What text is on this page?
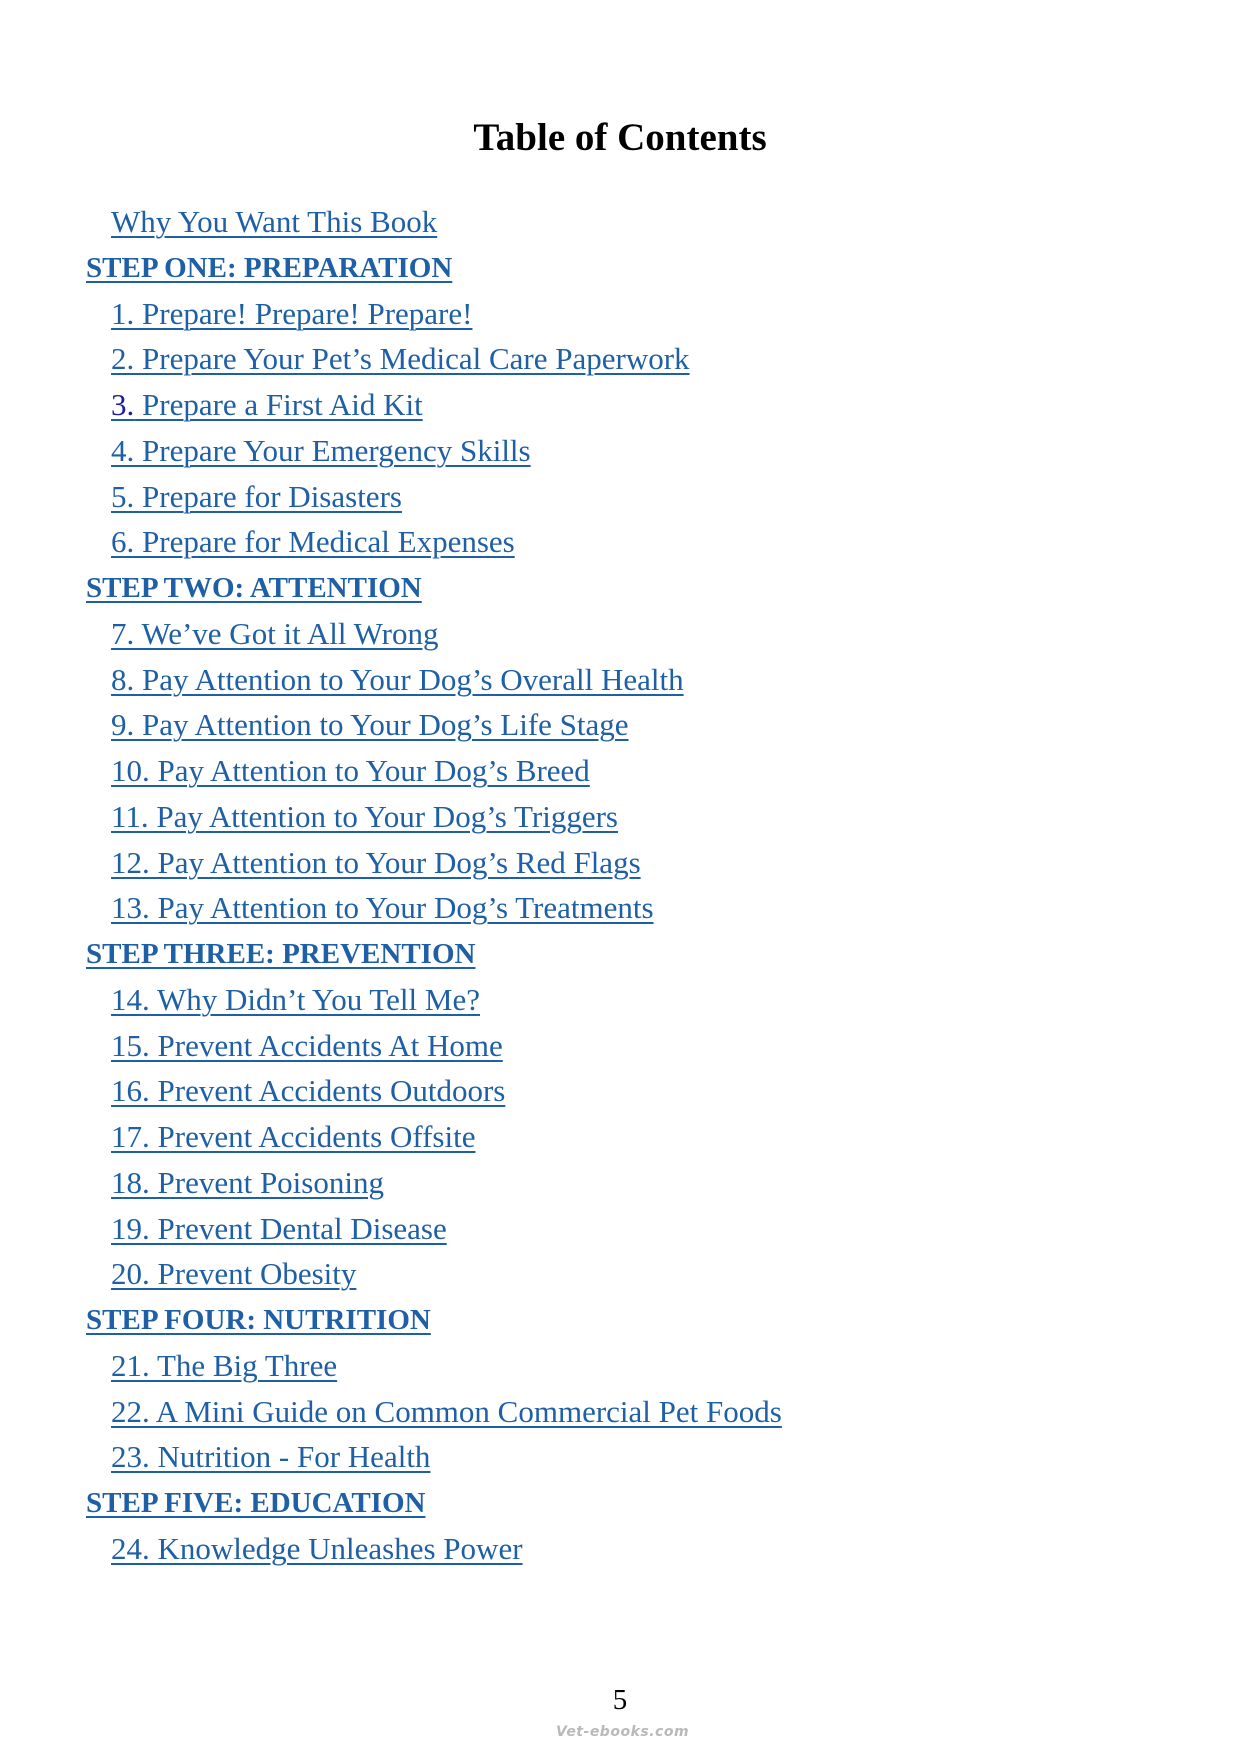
Table of Contents
Why You Want This Book
STEP ONE: PREPARATION
1. Prepare! Prepare! Prepare!
2. Prepare Your Pet’s Medical Care Paperwork
3. Prepare a First Aid Kit
4. Prepare Your Emergency Skills
5. Prepare for Disasters
6. Prepare for Medical Expenses
STEP TWO: ATTENTION
7. We’ve Got it All Wrong
8. Pay Attention to Your Dog’s Overall Health
9. Pay Attention to Your Dog’s Life Stage
10. Pay Attention to Your Dog’s Breed
11. Pay Attention to Your Dog’s Triggers
12. Pay Attention to Your Dog’s Red Flags
13. Pay Attention to Your Dog’s Treatments
STEP THREE: PREVENTION
14. Why Didn’t You Tell Me?
15. Prevent Accidents At Home
16. Prevent Accidents Outdoors
17. Prevent Accidents Offsite
18. Prevent Poisoning
19. Prevent Dental Disease
20. Prevent Obesity
STEP FOUR: NUTRITION
21. The Big Three
22. A Mini Guide on Common Commercial Pet Foods
23. Nutrition - For Health
STEP FIVE: EDUCATION
24. Knowledge Unleashes Power
5
Vet-ebooks.com
